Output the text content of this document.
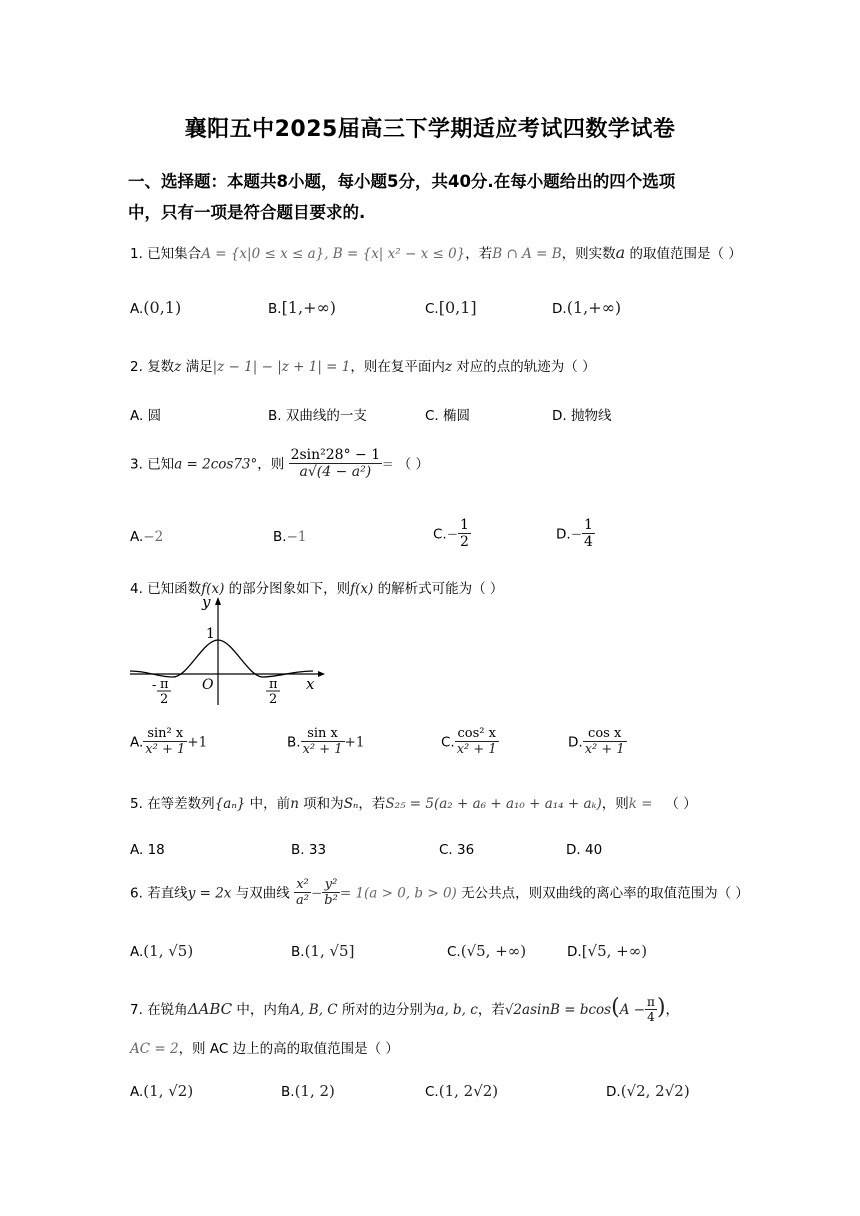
襄阳五中2025届高三下学期适应考试四数学试卷
一、选择题：本题共8小题，每小题5分，共40分.在每小题给出的四个选项
中，只有一项是符合题目要求的.
1. 已知集合A = {x|0 ≤ x ≤ a}, B = {x| x² − x ≤ 0}，若B ∩ A = B，则实数a 的取值范围是（ ）
A.(0,1)	B.[1,+∞)	C.[0,1]	D.(1,+∞)
2. 复数z 满足|z − 1| − |z + 1| = 1，则在复平面内z 对应的点的轨迹为（ ）
A. 圆	B. 双曲线的一支	C. 椭圆	D. 抛物线
3. 已知a = 2cos73°，则 $\frac{\text{2sin²28° − 1}}{\text{a√(4 − a²)}}$ = （ ）
A.−2	B.−1	$C.- \frac{1}{2}$	$D.- \frac{1}{4}$
4. 已知函数f(x) 的部分图象如下，则f(x) 的解析式可能为（ ）
y
1
O	x
- π
2
π
2
A. $\frac{\text{sin² x}}{\text{x² + 1}} +1$	B. $\frac{\text{sin x}}{\text{x² + 1}} +1$	C. $\frac{\text{cos² x}}{\text{x² + 1}}$	D. $\frac{\text{cos x}}{\text{x² + 1}}$
5. 在等差数列{aₙ} 中，前n 项和为Sₙ，若S₂₅ = 5(a₂ + a₆ + a₁₀ + a₁₄ + aₖ)，则k = （ ）
A. 18	B. 33	C. 36	D. 40
6. 若直线y = 2x 与双曲线 $\frac{\text{x²}}{\text{a²}} - \frac{\text{y²}}{\text{b²}} = 1(a > 0$, b > 0) 无公共点，则双曲线的离心率的取值范围为（ ）
A.(1, √5)	B.(1, √5]	C.(√5, +∞)	D.[√5, +∞)
7. 在锐角ΔABC 中，内角A, B, C 所对的边分别为a, b, c，若$√2asinB = bcos(A - \frac{\pi}{4}$ )，
AC = 2，则 AC 边上的高的取值范围是（ ）
A.(1, √2)	B.(1, 2)	C.(1, 2√2)	D.(√2, 2√2)
